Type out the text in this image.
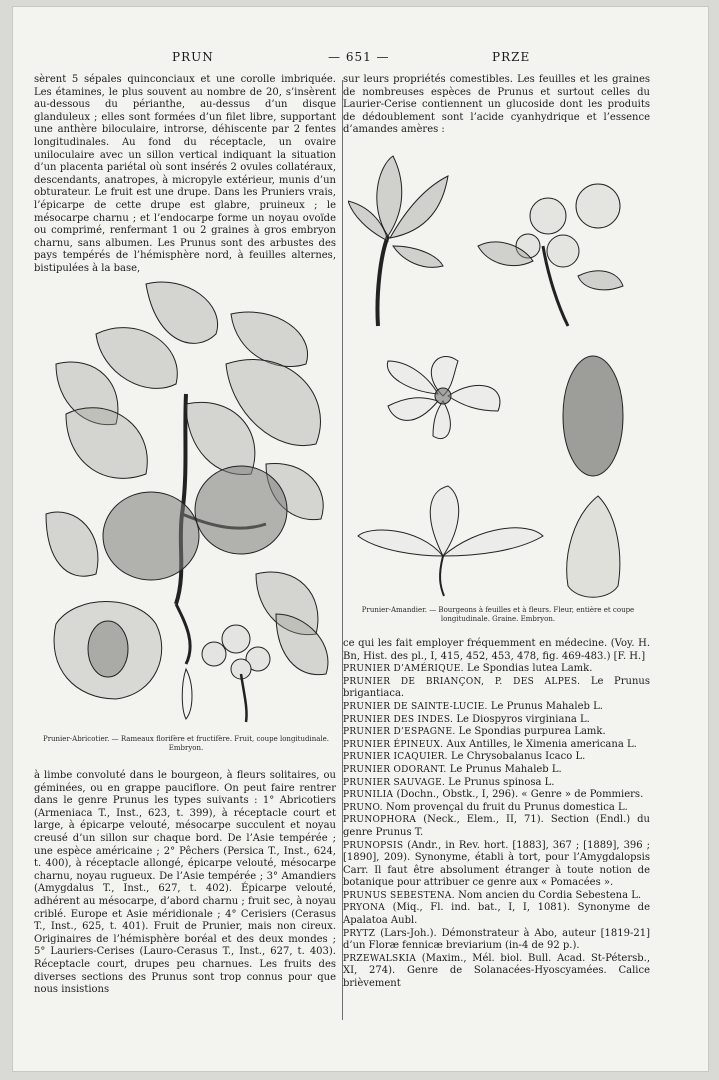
PRUN	— 651 —	PRZE

sèrent 5 sépales quinconciaux et une corolle imbriquée. Les étamines, le plus souvent au nombre de 20, s’insèrent au-dessous du périanthe, au-dessus d’un disque glanduleux ; elles sont formées d’un filet libre, supportant une anthère biloculaire, introrse, déhiscente par 2 fentes longitudinales. Au fond du réceptacle, un ovaire uniloculaire avec un sillon vertical indiquant la situation d’un placenta pariétal où sont insérés 2 ovules collatéraux, descendants, anatropes, à micropyle extérieur, munis d’un obturateur. Le fruit est une drupe. Dans les Pruniers vrais, l’épicarpe de cette drupe est glabre, pruineux ; le mésocarpe charnu ; et l’endocarpe forme un noyau ovoïde ou comprimé, renfermant 1 ou 2 graines à gros embryon charnu, sans albumen. Les Prunus sont des arbustes des pays tempérés de l’hémisphère nord, à feuilles alternes, bistipulées à la base,

sur leurs propriétés comestibles. Les feuilles et les graines de nombreuses espèces de Prunus et surtout celles du Laurier-Cerise contiennent un glucoside dont les produits de dédoublement sont l’acide cyanhydrique et l’essence d’amandes amères :

Prunier-Abricotier. — Rameaux florifère et fructifère. Fruit, coupe longitudinale. Embryon.
Prunier-Amandier. — Bourgeons à feuilles et à fleurs. Fleur, entière et coupe longitudinale. Graine. Embryon.

à limbe convoluté dans le bourgeon, à fleurs solitaires, ou géminées, ou en grappe pauciflore. On peut faire rentrer dans le genre Prunus les types suivants : 1° Abricotiers (Armeniaca T., Inst., 623, t. 399), à réceptacle court et large, à épicarpe velouté, mésocarpe succulent et noyau creusé d’un sillon sur chaque bord. De l’Asie tempérée ; une espèce américaine ; 2° Pêchers (Persica T., Inst., 624, t. 400), à réceptacle allongé, épicarpe velouté, mésocarpe charnu, noyau rugueux. De l’Asie tempérée ; 3° Amandiers (Amygdalus T., Inst., 627, t. 402). Épicarpe velouté, adhérent au mésocarpe, d’abord charnu ; fruit sec, à noyau criblé. Europe et Asie méridionale ; 4° Cerisiers (Cerasus T., Inst., 625, t. 401). Fruit de Prunier, mais non cireux. Originaires de l’hémisphère boréal et des deux mondes ; 5° Lauriers-Cerises (Lauro-Cerasus T., Inst., 627, t. 403). Réceptacle court, drupes peu charnues. Les fruits des diverses sections des Prunus sont trop connus pour que nous insistions

ce qui les fait employer fréquemment en médecine. (Voy. H. Bn, Hist. des pl., I, 415, 452, 453, 478, fig. 469-483.) [F. H.]

PRUNIER D’AMÉRIQUE. Le Spondias lutea Lamk.

PRUNIER DE BRIANÇON, P. DES ALPES. Le Prunus brigantiaca.

PRUNIER DE SAINTE-LUCIE. Le Prunus Mahaleb L.

PRUNIER DES INDES. Le Diospyros virginiana L.

PRUNIER D’ESPAGNE. Le Spondias purpurea Lamk.

PRUNIER ÉPINEUX. Aux Antilles, le Ximenia americana L.

PRUNIER ICAQUIER. Le Chrysobalanus Icaco L.

PRUNIER ODORANT. Le Prunus Mahaleb L.

PRUNIER SAUVAGE. Le Prunus spinosa L.

PRUNILIA (Dochn., Obstk., I, 296). « Genre » de Pommiers.

PRUNO. Nom provençal du fruit du Prunus domestica L.

PRUNOPHORA (Neck., Elem., II, 71). Section (Endl.) du genre Prunus T.

PRUNOPSIS (Andr., in Rev. hort. [1883], 367 ; [1889], 396 ; [1890], 209). Synonyme, établi à tort, pour l’Amygdalopsis Carr. Il faut être absolument étranger à toute notion de botanique pour attribuer ce genre aux « Pomacées ».

PRUNUS SEBESTENA. Nom ancien du Cordia Sebestena L.

PRYONA (Miq., Fl. ind. bat., I, I, 1081). Synonyme de Apalatoa Aubl.

PRYTZ (Lars-Joh.). Démonstrateur à Abo, auteur [1819-21] d’un Floræ fennicæ breviarium (in-4 de 92 p.).

PRZEWALSKIA (Maxim., Mél. biol. Bull. Acad. St-Pétersb., XI, 274). Genre de Solanacées-Hyoscyamées. Calice brièvement
